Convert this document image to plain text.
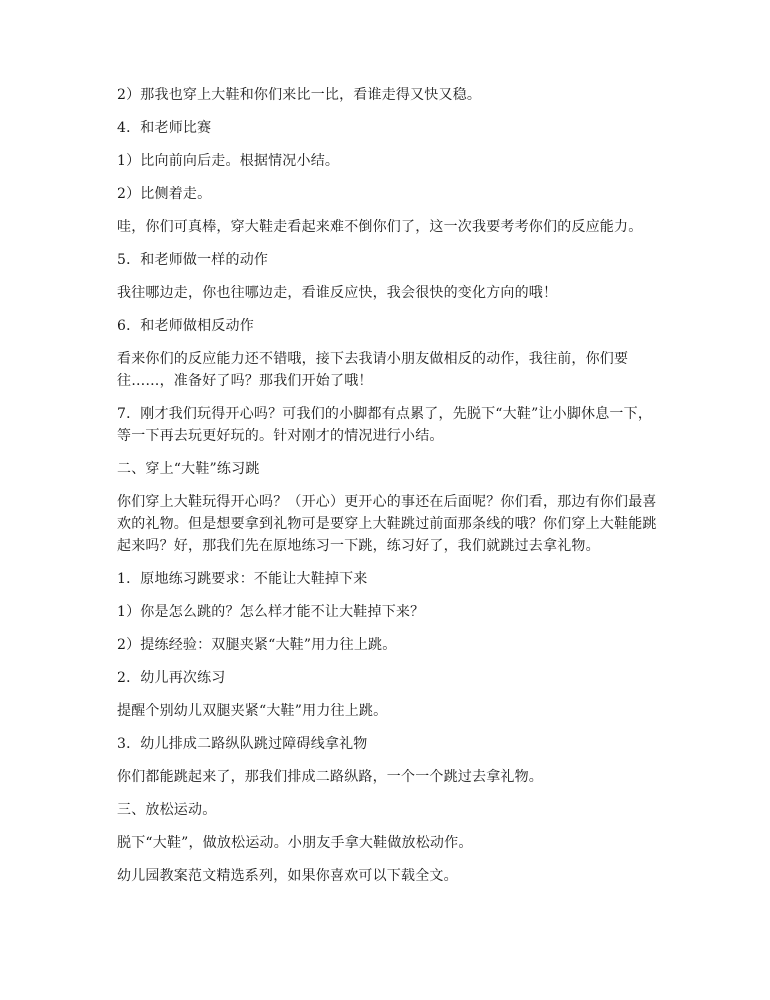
2）那我也穿上大鞋和你们来比一比，看谁走得又快又稳。

4．和老师比赛

1）比向前向后走。根据情况小结。

2）比侧着走。

哇，你们可真棒，穿大鞋走看起来难不倒你们了，这一次我要考考你们的反应能力。

5．和老师做一样的动作

我往哪边走，你也往哪边走，看谁反应快，我会很快的变化方向的哦！

6．和老师做相反动作

看来你们的反应能力还不错哦，接下去我请小朋友做相反的动作，我往前，你们要往……，准备好了吗？那我们开始了哦！

7．刚才我们玩得开心吗？可我们的小脚都有点累了，先脱下“大鞋”让小脚休息一下，等一下再去玩更好玩的。针对刚才的情况进行小结。

二、穿上“大鞋”练习跳

你们穿上大鞋玩得开心吗？（开心）更开心的事还在后面呢？你们看，那边有你们最喜欢的礼物。但是想要拿到礼物可是要穿上大鞋跳过前面那条线的哦？你们穿上大鞋能跳起来吗？好，那我们先在原地练习一下跳，练习好了，我们就跳过去拿礼物。

1．原地练习跳要求：不能让大鞋掉下来

1）你是怎么跳的？怎么样才能不让大鞋掉下来？

2）提练经验：双腿夹紧“大鞋”用力往上跳。

2．幼儿再次练习

提醒个别幼儿双腿夹紧“大鞋”用力往上跳。

3．幼儿排成二路纵队跳过障碍线拿礼物

你们都能跳起来了，那我们排成二路纵路，一个一个跳过去拿礼物。

三、放松运动。

脱下“大鞋”，做放松运动。小朋友手拿大鞋做放松动作。

幼儿园教案范文精选系列，如果你喜欢可以下载全文。
